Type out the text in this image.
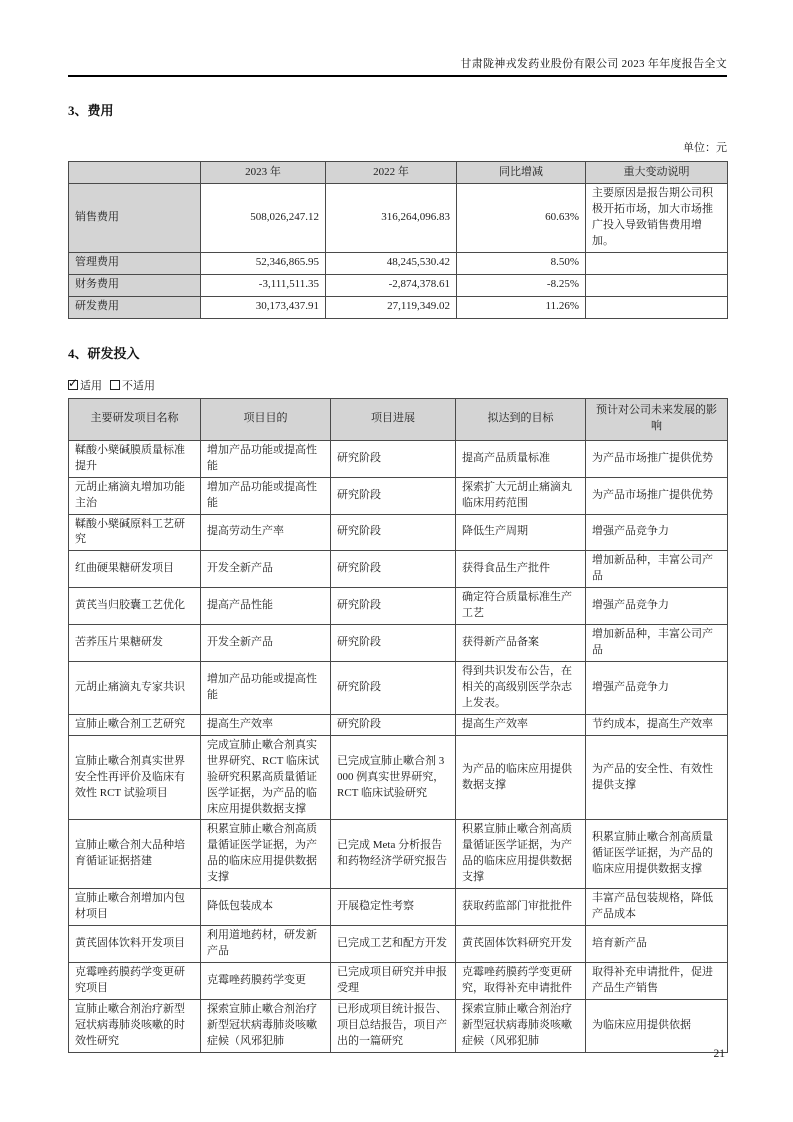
甘肃陇神戎发药业股份有限公司 2023 年年度报告全文
3、费用
单位：元
	2023 年	2022 年	同比增减	重大变动说明
销售费用	508,026,247.12	316,264,096.83	60.63%	主要原因是报告期公司积极开拓市场，加大市场推广投入导致销售费用增加。
管理费用	52,346,865.95	48,245,530.42	8.50%	
财务费用	-3,111,511.35	-2,874,378.61	-8.25%	
研发费用	30,173,437.91	27,119,349.02	11.26%	
4、研发投入
✓ 适用 不适用
主要研发项目名称	项目目的	项目进展	拟达到的目标	预计对公司未来发展的影响
鞣酸小檗碱膜质量标准提升	增加产品功能或提高性能	研究阶段	提高产品质量标准	为产品市场推广提供优势
元胡止痛滴丸增加功能主治	增加产品功能或提高性能	研究阶段	探索扩大元胡止痛滴丸临床用药范围	为产品市场推广提供优势
鞣酸小檗碱原料工艺研究	提高劳动生产率	研究阶段	降低生产周期	增强产品竞争力
红曲硬果糖研发项目	开发全新产品	研究阶段	获得食品生产批件	增加新品种，丰富公司产品
黄芪当归胶囊工艺优化	提高产品性能	研究阶段	确定符合质量标准生产工艺	增强产品竞争力
苦荞压片果糖研发	开发全新产品	研究阶段	获得新产品备案	增加新品种，丰富公司产品
元胡止痛滴丸专家共识	增加产品功能或提高性能	研究阶段	得到共识发布公告，在相关的高级别医学杂志上发表。	增强产品竞争力
宣肺止嗽合剂工艺研究	提高生产效率	研究阶段	提高生产效率	节约成本，提高生产效率
宣肺止嗽合剂真实世界安全性再评价及临床有效性 RCT 试验项目	完成宣肺止嗽合剂真实世界研究、RCT 临床试验研究积累高质量循证医学证据，为产品的临床应用提供数据支撑	已完成宣肺止嗽合剂 3000 例真实世界研究，RCT 临床试验研究	为产品的临床应用提供数据支撑	为产品的安全性、有效性提供支撑
宣肺止嗽合剂大品种培育循证证据搭建	积累宣肺止嗽合剂高质量循证医学证据，为产品的临床应用提供数据支撑	已完成 Meta 分析报告和药物经济学研究报告	积累宣肺止嗽合剂高质量循证医学证据，为产品的临床应用提供数据支撑	积累宣肺止嗽合剂高质量循证医学证据，为产品的临床应用提供数据支撑
宣肺止嗽合剂增加内包材项目	降低包装成本	开展稳定性考察	获取药监部门审批批件	丰富产品包装规格，降低产品成本
黄芪固体饮料开发项目	利用道地药材，研发新产品	已完成工艺和配方开发	黄芪固体饮料研究开发	培育新产品
克霉唑药膜药学变更研究项目	克霉唑药膜药学变更	已完成项目研究并申报受理	克霉唑药膜药学变更研究，取得补充申请批件	取得补充申请批件，促进产品生产销售
宣肺止嗽合剂治疗新型冠状病毒肺炎咳嗽的时效性研究	探索宣肺止嗽合剂治疗新型冠状病毒肺炎咳嗽症候（风邪犯肺	已形成项目统计报告、项目总结报告，项目产出的一篇研究	探索宣肺止嗽合剂治疗新型冠状病毒肺炎咳嗽症候（风邪犯肺	为临床应用提供依据
21
